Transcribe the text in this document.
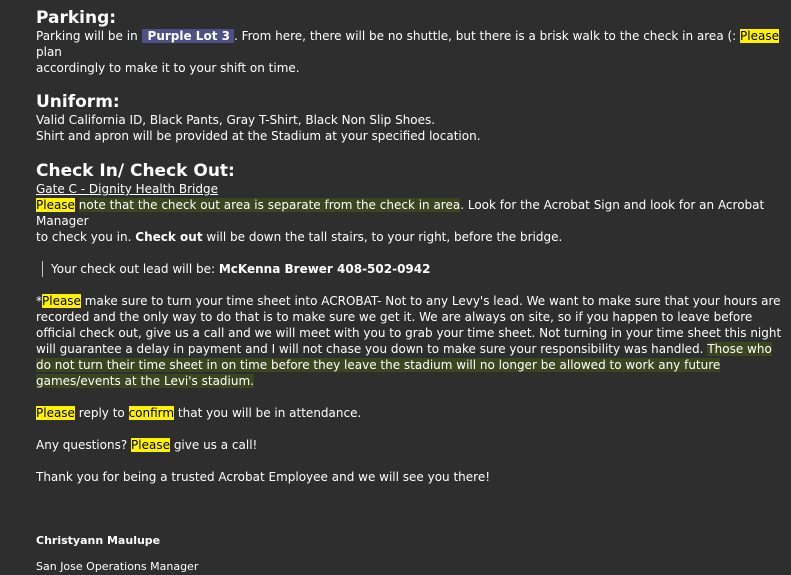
Parking:

Parking will be in Purple Lot 3 . From here, there will be no shuttle, but there is a brisk walk to the check in area (: Please plan
accordingly to make it to your shift on time.

Uniform:

Valid California ID, Black Pants, Gray T-Shirt, Black Non Slip Shoes.
Shirt and apron will be provided at the Stadium at your specified location.

Check In/ Check Out:

Gate C - Dignity Health Bridge
Please note that the check out area is separate from the check in area. Look for the Acrobat Sign and look for an Acrobat Manager
to check you in. Check out will be down the tall stairs, to your right, before the bridge.

Your check out lead will be: McKenna Brewer 408-502-0942

*Please make sure to turn your time sheet into ACROBAT- Not to any Levy's lead. We want to make sure that your hours are recorded and the only way to do that is to make sure we get it. We are always on site, so if you happen to leave before official check out, give us a call and we will meet with you to grab your time sheet. Not turning in your time sheet this night will guarantee a delay in payment and I will not chase you down to make sure your responsibility was handled. Those who do not turn their time sheet in on time before they leave the stadium will no longer be allowed to work any future games/events at the Levi's stadium.

Please reply to confirm that you will be in attendance.

Any questions? Please give us a call!

Thank you for being a trusted Acrobat Employee and we will see you there!

Christyann Maulupe

San Jose Operations Manager
